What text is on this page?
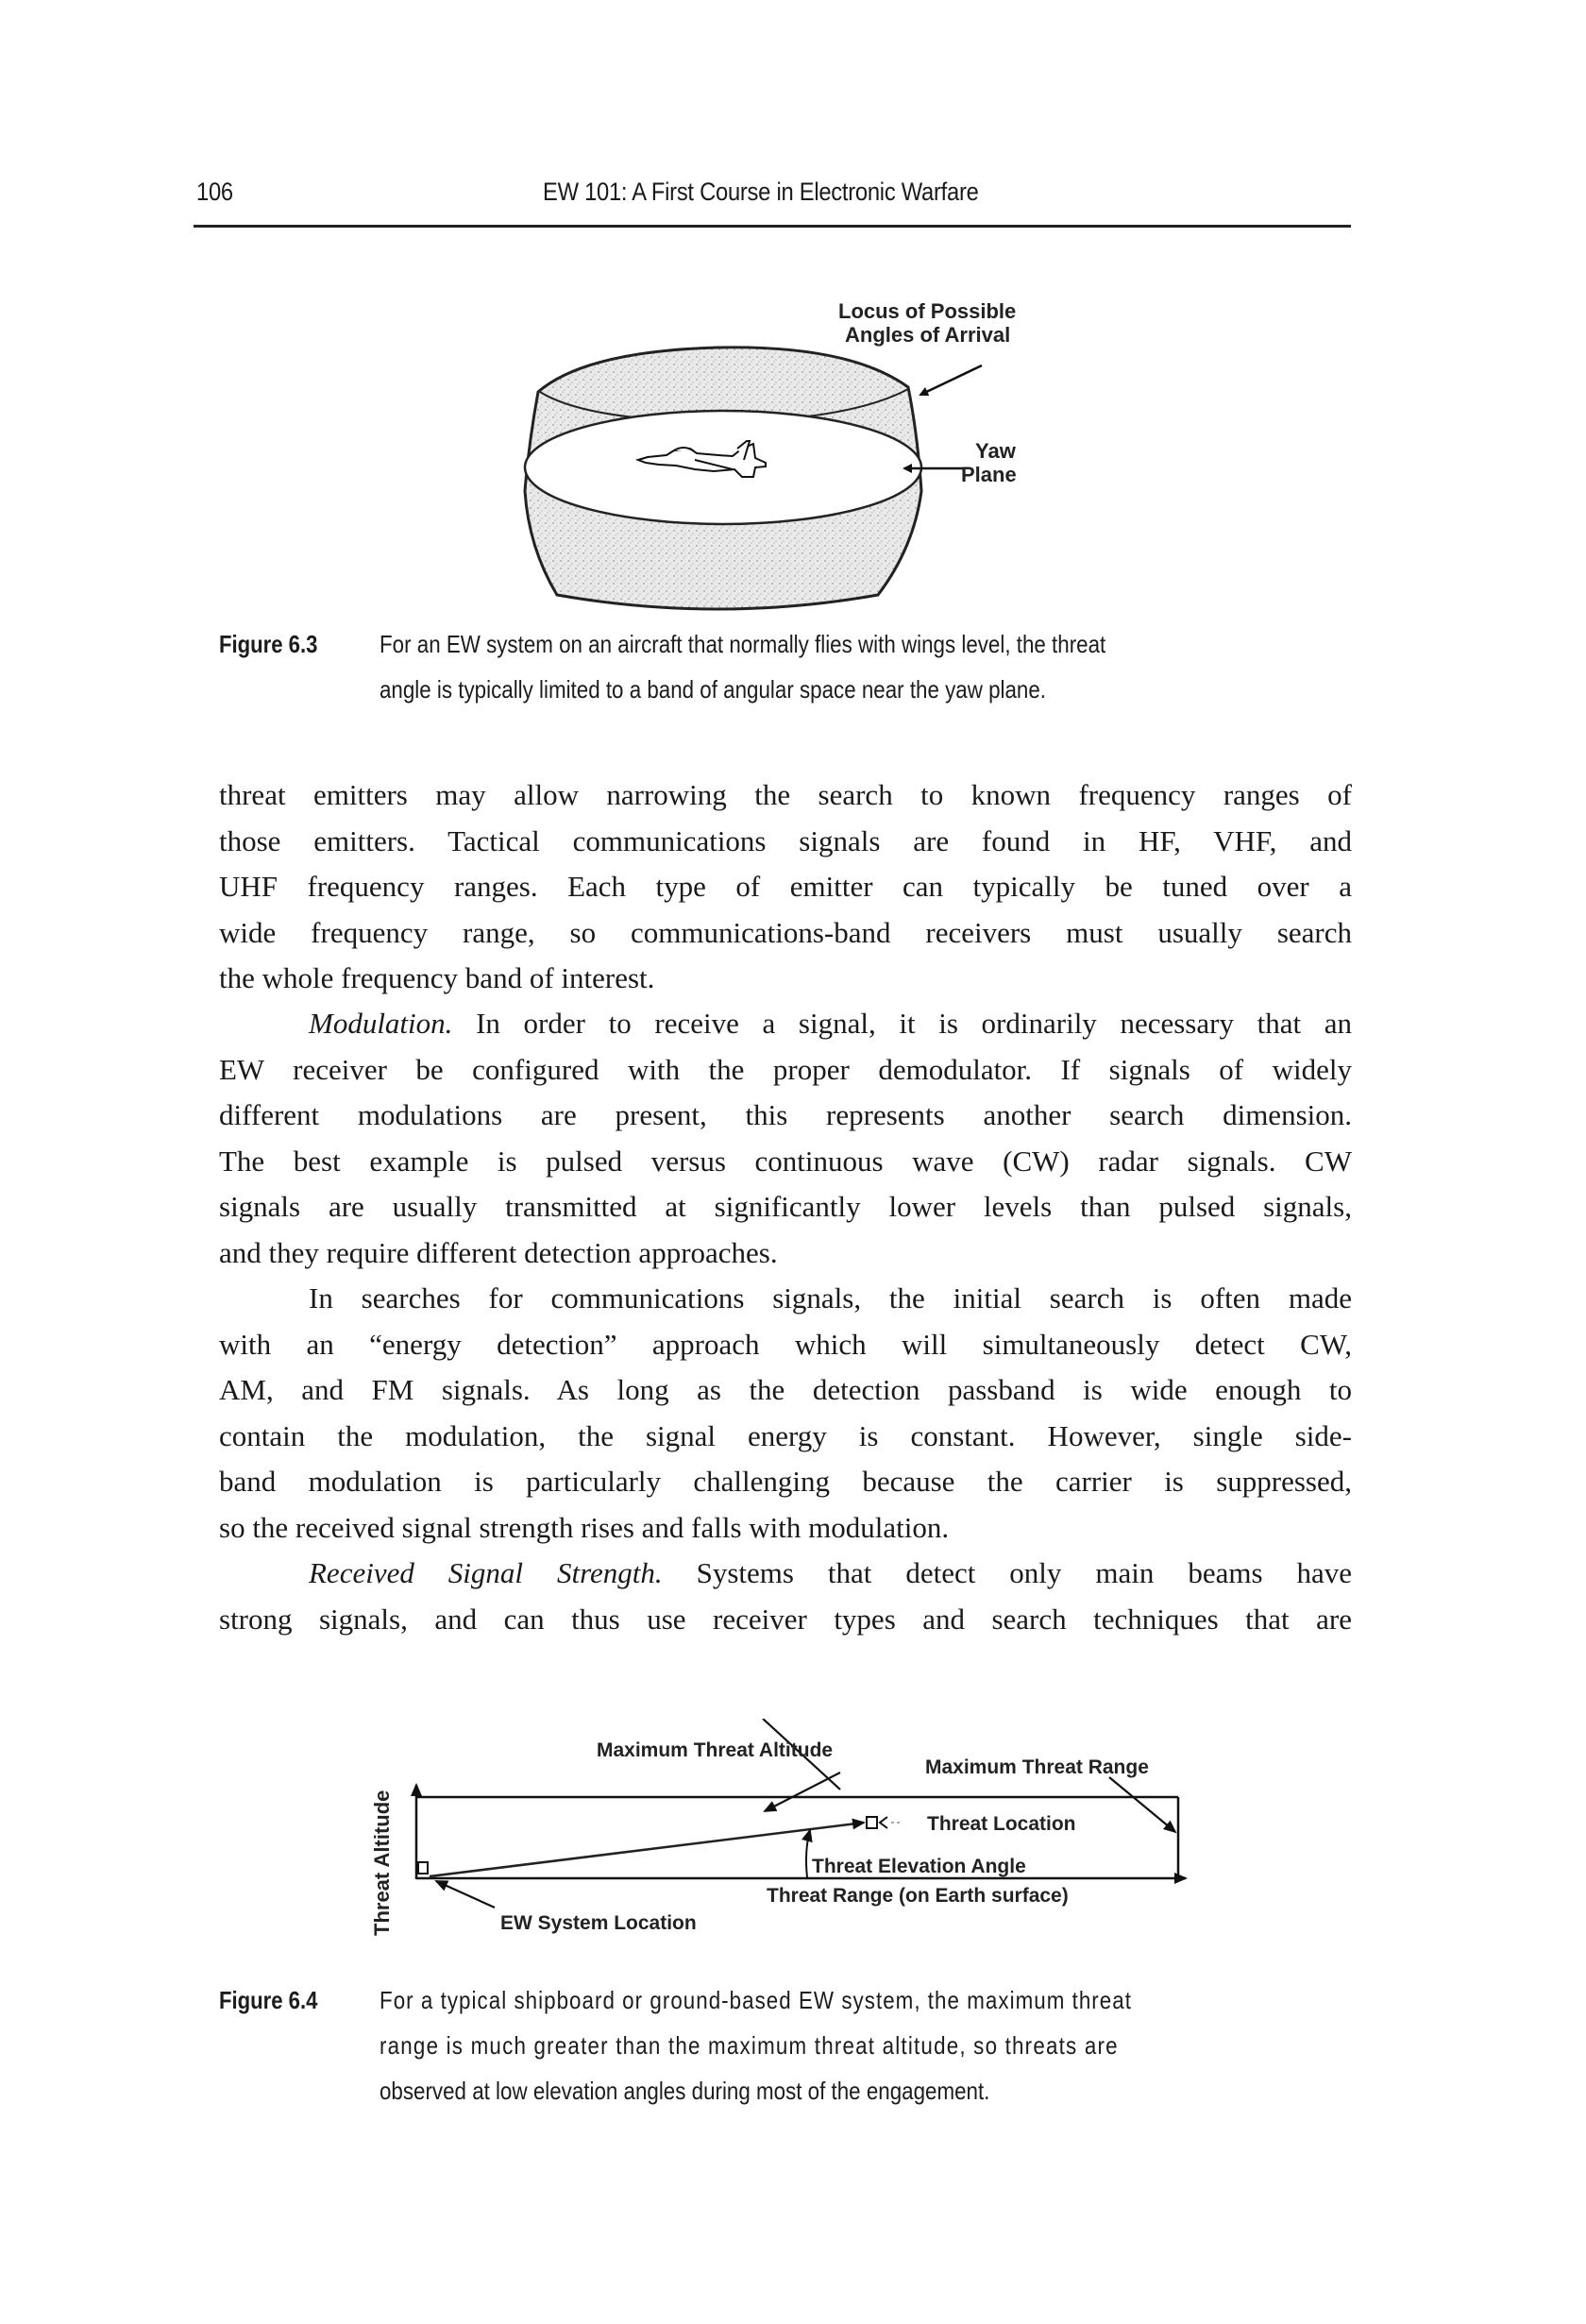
106	EW 101: A First Course in Electronic Warfare
Locus of Possible
Angles of Arrival
Yaw
Plane
Figure 6.3	For an EW system on an aircraft that normally flies with wings level, the threat
angle is typically limited to a band of angular space near the yaw plane.
threat emitters may allow narrowing the search to known frequency ranges of
those emitters. Tactical communications signals are found in HF, VHF, and
UHF frequency ranges. Each type of emitter can typically be tuned over a
wide frequency range, so communications-band receivers must usually search
the whole frequency band of interest.
Modulation. In order to receive a signal, it is ordinarily necessary that an
EW receiver be configured with the proper demodulator. If signals of widely
different modulations are present, this represents another search dimension.
The best example is pulsed versus continuous wave (CW) radar signals. CW
signals are usually transmitted at significantly lower levels than pulsed signals,
and they require different detection approaches.
In searches for communications signals, the initial search is often made
with an “energy detection” approach which will simultaneously detect CW,
AM, and FM signals. As long as the detection passband is wide enough to
contain the modulation, the signal energy is constant. However, single side-
band modulation is particularly challenging because the carrier is suppressed,
so the received signal strength rises and falls with modulation.
Received Signal Strength. Systems that detect only main beams have
strong signals, and can thus use receiver types and search techniques that are
Threat Altitude
Maximum Threat Altitude
Maximum Threat Range
Threat Location
Threat Elevation Angle
Threat Range (on Earth surface)
EW System Location
Figure 6.4	For a typical shipboard or ground-based EW system, the maximum threat
range is much greater than the maximum threat altitude, so threats are
observed at low elevation angles during most of the engagement.
